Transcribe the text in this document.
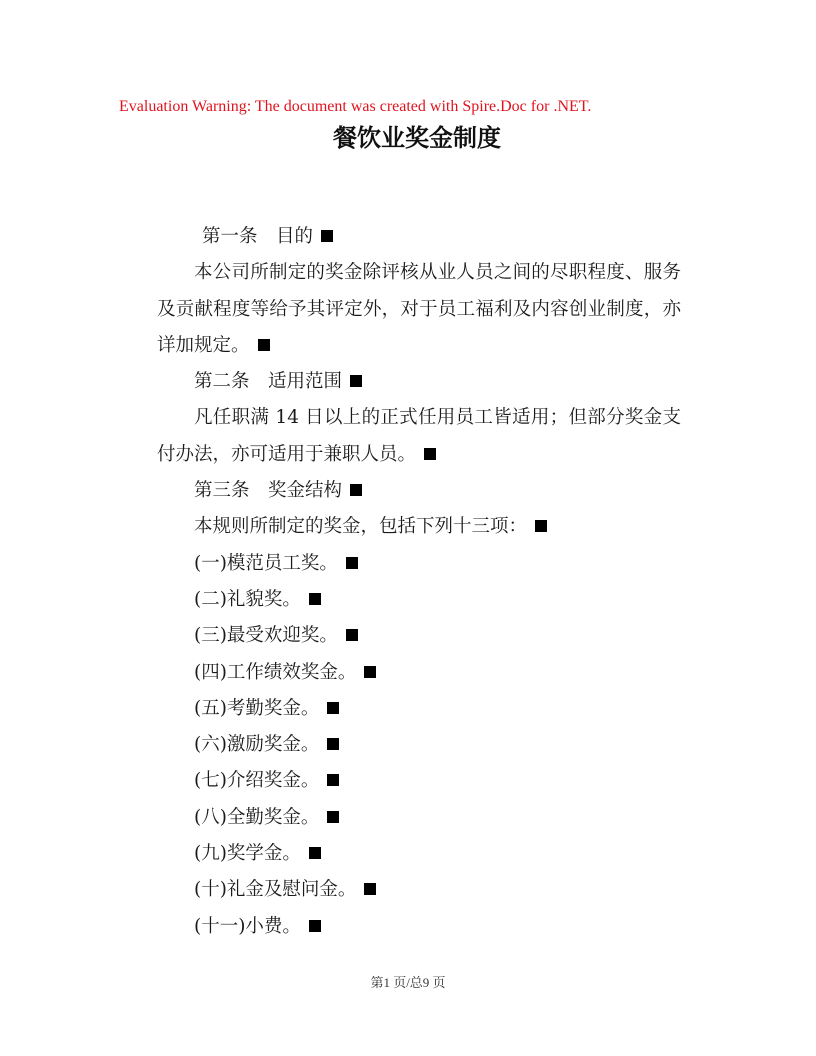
Evaluation Warning: The document was created with Spire.Doc for .NET.
餐饮业奖金制度
第一条　目的
本公司所制定的奖金除评核从业人员之间的尽职程度、服务及贡献程度等给予其评定外，对于员工福利及内容创业制度，亦详加规定。
第二条　适用范围
凡任职满 14 日以上的正式任用员工皆适用；但部分奖金支付办法，亦可适用于兼职人员。
第三条　奖金结构
本规则所制定的奖金，包括下列十三项：
(一)模范员工奖。
(二)礼貌奖。
(三)最受欢迎奖。
(四)工作绩效奖金。
(五)考勤奖金。
(六)激励奖金。
(七)介绍奖金。
(八)全勤奖金。
(九)奖学金。
(十)礼金及慰问金。
(十一)小费。
第1 页/总9 页
